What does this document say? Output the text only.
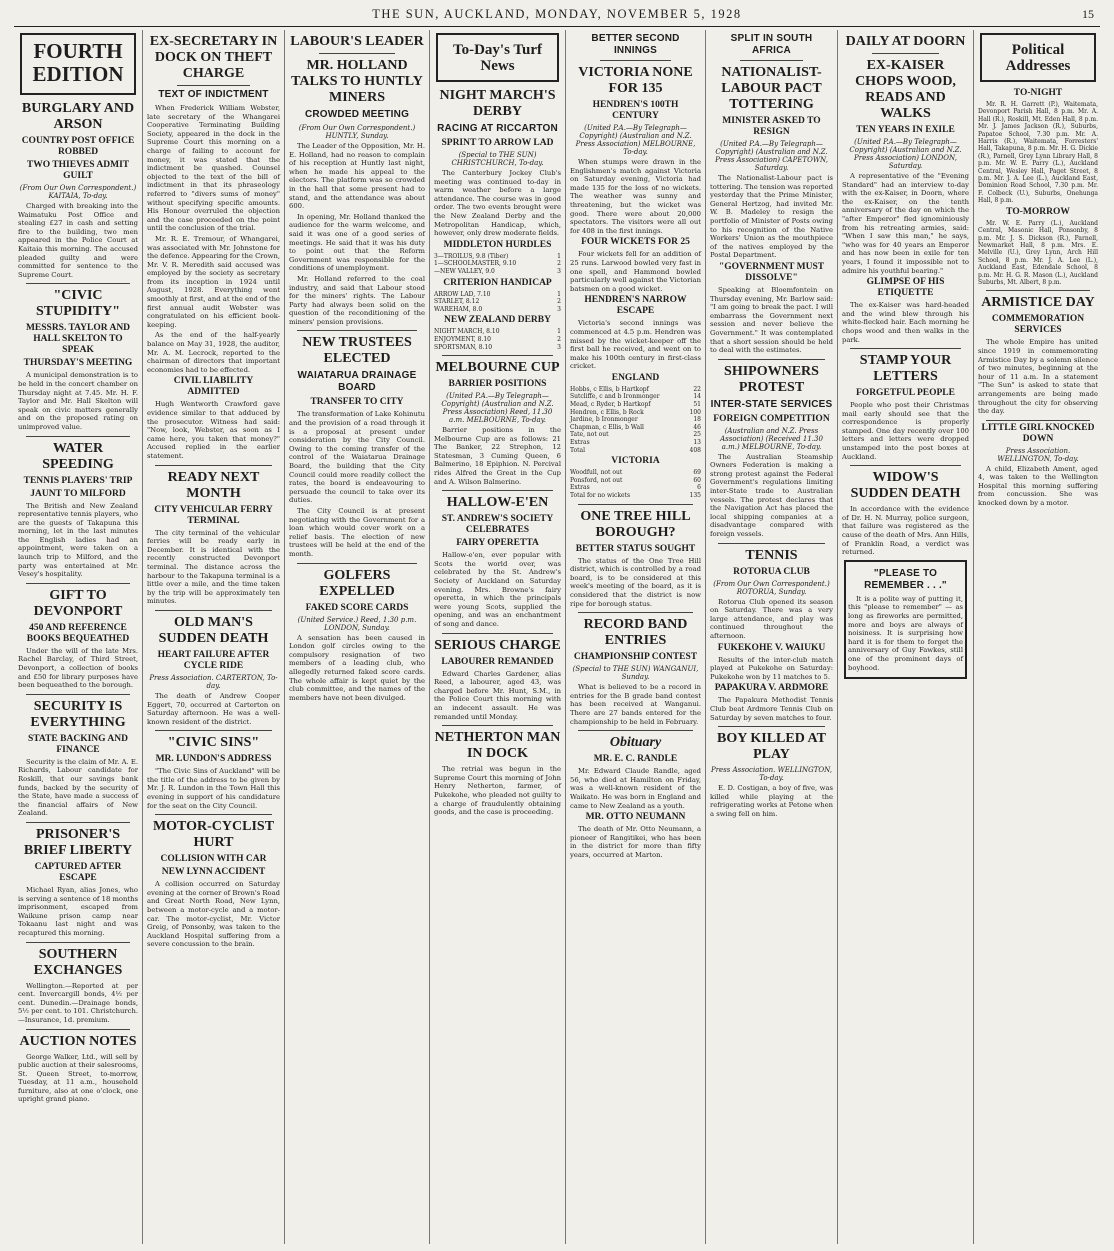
THE SUN, AUCKLAND, MONDAY, NOVEMBER 5, 1928	15
FOURTH EDITION
BURGLARY AND ARSON
COUNTRY POST OFFICE ROBBED
TWO THIEVES ADMIT GUILT
(From Our Own Correspondent.) KAITAIA, To-day.

Charged with breaking into the Waimatuku Post Office and stealing £27 in cash and setting fire to the building, two men appeared in the Police Court at Kaitaia this morning. The accused pleaded guilty and were committed for sentence to the Supreme Court.

"CIVIC STUPIDITY"
MESSRS. TAYLOR AND HALL SKELTON TO SPEAK
THURSDAY'S MEETING

A municipal demonstration is to be held in the concert chamber on Thursday night at 7.45. Mr. H. F. Taylor and Mr. Hall Skelton will speak on civic matters generally and on the proposed rating on unimproved value.

WATER SPEEDING
TENNIS PLAYERS' TRIP
JAUNT TO MILFORD

The British and New Zealand representative tennis players, who are the guests of Takapuna this morning, let in the last minutes the English ladies had an appointment, were taken on a launch trip to Milford, and the party was entertained at Mr. Vesey's hospitality.

GIFT TO DEVONPORT
450 AND REFERENCE BOOKS BEQUEATHED

Under the will of the late Mrs. Rachel Barclay, of Third Street, Devonport, a collection of books and £50 for library purposes have been bequeathed to the borough.

SECURITY IS EVERYTHING
STATE BACKING AND FINANCE

Security is the claim of Mr. A. E. Richards, Labour candidate for Roskill, that our savings bank funds, backed by the security of the State, have made a success of the financial affairs of New Zealand.

PRISONER'S BRIEF LIBERTY
CAPTURED AFTER ESCAPE

Michael Ryan, alias Jones, who is serving a sentence of 18 months imprisonment, escaped from Waikune prison camp near Tokaanu last night and was recaptured this morning.

SOUTHERN EXCHANGES

Wellington.—Reported at per cent. Invercargill bonds, 4½ per cent. Dunedin.—Drainage bonds, 5½ per cent. to 101. Christchurch.—Insurance, 1d. premium.

AUCTION NOTES

George Walker, Ltd., will sell by public auction at their salesrooms, St. Queen Street, to-morrow, Tuesday, at 11 a.m., household furniture, also at one o'clock, one upright grand piano.

EX-SECRETARY IN DOCK ON THEFT CHARGE
TEXT OF INDICTMENT

When Frederick William Webster, late secretary of the Whangarei Cooperative Terminating Building Society, appeared in the dock in the Supreme Court this morning on a charge of failing to account for money, it was stated that the indictment be quashed. Counsel objected to the text of the bill of indictment in that its phraseology referred to "divers sums of money" without specifying specific amounts. His Honour overruled the objection and the case proceeded on the point until the conclusion of the trial.

Mr. R. E. Tremour, of Whangarei, was associated with Mr. Johnstone for the defence. Appearing for the Crown, Mr. V. R. Meredith said accused was employed by the society as secretary from its inception in 1924 until August, 1928. Everything went smoothly at first, and at the end of the first annual audit Webster was congratulated on his efficient book-keeping.

As the end of the half-yearly balance on May 31, 1928, the auditor, Mr. A. M. Lecrock, reported to the chairman of directors that important economies had to be effected.

CIVIL LIABILITY ADMITTED

Hugh Wentworth Crawford gave evidence similar to that adduced by the prosecutor. Witness had said: "Now, look, Webster, as soon as I came here, you taken that money?" Accused replied in the earlier statement.

READY NEXT MONTH
CITY VEHICULAR FERRY TERMINAL

The city terminal of the vehicular ferries will be ready early in December. It is identical with the recently constructed Devonport terminal. The distance across the harbour to the Takapuna terminal is a little over a mile, and the time taken by the trip will be approximately ten minutes.

OLD MAN'S SUDDEN DEATH
HEART FAILURE AFTER CYCLE RIDE
Press Association. CARTERTON, To-day.

The death of Andrew Cooper Eggert, 70, occurred at Carterton on Saturday afternoon. He was a well-known resident of the district.

"CIVIC SINS"
MR. LUNDON'S ADDRESS

"The Civic Sins of Auckland" will be the title of the address to be given by Mr. J. R. Lundon in the Town Hall this evening in support of his candidature for the seat on the City Council.

MOTOR-CYCLIST HURT
COLLISION WITH CAR
NEW LYNN ACCIDENT

A collision occurred on Saturday evening at the corner of Brown's Road and Great North Road, New Lynn, between a motor-cycle and a motor-car. The motor-cyclist, Mr. Victor Greig, of Ponsonby, was taken to the Auckland Hospital suffering from a severe concussion to the brain.

LABOUR'S LEADER
MR. HOLLAND TALKS TO HUNTLY MINERS
CROWDED MEETING
(From Our Own Correspondent.) HUNTLY, Sunday.

The Leader of the Opposition, Mr. H. E. Holland, had no reason to complain of his reception at Huntly last night, when he made his appeal to the electors. The platform was so crowded in the hall that some present had to stand, and the attendance was about 600.

In opening, Mr. Holland thanked the audience for the warm welcome, and said it was one of a good series of meetings. He said that it was his duty to point out that the Reform Government was responsible for the conditions of unemployment.

Mr. Holland referred to the coal industry, and said that Labour stood for the miners' rights. The Labour Party had always been solid on the question of the reconditioning of the miners' pension provisions.

NEW TRUSTEES ELECTED
WAIATARUA DRAINAGE BOARD
TRANSFER TO CITY

The transformation of Lake Kohinutu and the provision of a road through it is a proposal at present under consideration by the City Council. Owing to the coming transfer of the control of the Waiatarua Drainage Board, the building that the City Council could more readily collect the rates, the board is endeavouring to persuade the council to take over its duties.

The City Council is at present negotiating with the Government for a loan which would cover work on a relief basis. The election of new trustees will be held at the end of the month.

GOLFERS EXPELLED
FAKED SCORE CARDS
(United Service.) Reed, 1.30 p.m. LONDON, Sunday.

A sensation has been caused in London golf circles owing to the compulsory resignation of two members of a leading club, who allegedly returned faked score cards. The whole affair is kept quiet by the club committee, and the names of the members have not been divulged.

To-Day's Turf News
NIGHT MARCH'S DERBY
RACING AT RICCARTON
SPRINT TO ARROW LAD
(Special to THE SUN) CHRISTCHURCH, To-day.

The Canterbury Jockey Club's meeting was continued to-day in warm weather before a large attendance. The course was in good order. The two events brought were the New Zealand Derby and the Metropolitan Handicap, which, however, only drew moderate fields.

MIDDLETON HURDLES
3—TROILUS, 9.8 (Tiber)	1
1—SCHOOLMASTER, 9.10	2
—NEW VALLEY, 9.0	3
CRITERION HANDICAP
ARROW LAD, 7.10	1
STARLET, 8.12	2
WAREHAM, 8.0	3
NEW ZEALAND DERBY
NIGHT MARCH, 8.10	1
ENJOYMENT, 8.10	2
SPORTSMAN, 8.10	3
MELBOURNE CUP
BARRIER POSITIONS
(United P.A.—By Telegraph—Copyright) (Australian and N.Z. Press Association) Reed, 11.30 a.m. MELBOURNE, To-day.

Barrier positions in the Melbourne Cup are as follows: 21 The Banker, 22 Strephon, 12 Statesman, 3 Cuming Queen, 6 Balmerino, 18 Epiphion. N. Percival rides Alfred the Great in the Cup and A. Wilson Balmerino.

HALLOW-E'EN
ST. ANDREW'S SOCIETY CELEBRATES
FAIRY OPERETTA

Hallow-e'en, ever popular with Scots the world over, was celebrated by the St. Andrew's Society of Auckland on Saturday evening. Mrs. Browne's fairy operetta, in which the principals were young Scots, supplied the opening, and was an enchantment of song and dance.

SERIOUS CHARGE
LABOURER REMANDED

Edward Charles Gardener, alias Reed, a labourer, aged 43, was charged before Mr. Hunt, S.M., in the Police Court this morning with an indecent assault. He was remanded until Monday.

NETHERTON MAN IN DOCK

The retrial was begun in the Supreme Court this morning of John Henry Netherton, farmer, of Pukekohe, who pleaded not guilty to a charge of fraudulently obtaining goods, and the case is proceeding.

BETTER SECOND INNINGS
VICTORIA NONE FOR 135
HENDREN'S 100TH CENTURY
(United P.A.—By Telegraph—Copyright) (Australian and N.Z. Press Association) MELBOURNE, To-day.

When stumps were drawn in the Englishmen's match against Victoria on Saturday evening, Victoria had made 135 for the loss of no wickets. The weather was sunny and threatening, but the wicket was good. There were about 20,000 spectators. The visitors were all out for 408 in the first innings.

FOUR WICKETS FOR 25

Four wickets fell for an addition of 25 runs. Larwood bowled very fast in one spell, and Hammond bowled particularly well against the Victorian batsmen on a good wicket.

HENDREN'S NARROW ESCAPE

Victoria's second innings was commenced at 4.5 p.m. Hendren was missed by the wicket-keeper off the first ball he received, and went on to make his 100th century in first-class cricket.

ENGLAND
Hobbs, c Ellis, b Hartkopf	22
Sutcliffe, c and b Ironmonger	14
Mead, c Ryder, b Hartkopf	51
Hendren, c Ellis, b Rock	100
Jardine, b Ironmonger	18
Chapman, c Ellis, b Wall	46
Tate, not out	25
Extras	13
Total	408
VICTORIA
Woodfull, not out	69
Ponsford, not out	60
Extras	6
Total for no wickets	135
ONE TREE HILL BOROUGH?
BETTER STATUS SOUGHT

The status of the One Tree Hill district, which is controlled by a road board, is to be considered at this week's meeting of the board, as it is considered that the district is now ripe for borough status.

RECORD BAND ENTRIES
CHAMPIONSHIP CONTEST
(Special to THE SUN) WANGANUI, Sunday.

What is believed to be a record in entries for the B grade band contest has been received at Wanganui. There are 27 bands entered for the championship to be held in February.

Obituary
MR. E. C. RANDLE

Mr. Edward Claude Randle, aged 56, who died at Hamilton on Friday, was a well-known resident of the Waikato. He was born in England and came to New Zealand as a youth.

MR. OTTO NEUMANN

The death of Mr. Otto Neumann, a pioneer of Rangitikei, who has been in the district for more than fifty years, occurred at Marton.

SPLIT IN SOUTH AFRICA
NATIONALIST-LABOUR PACT TOTTERING
MINISTER ASKED TO RESIGN
(United P.A.—By Telegraph—Copyright) (Australian and N.Z. Press Association) CAPETOWN, Saturday.

The Nationalist-Labour pact is tottering. The tension was reported yesterday that the Prime Minister, General Hertzog, had invited Mr. W. B. Madeley to resign the portfolio of Minister of Posts owing to his recognition of the Native Workers' Union as the mouthpiece of the natives employed by the Postal Department.

"GOVERNMENT MUST DISSOLVE"

Speaking at Bloemfontein on Thursday evening, Mr. Barlow said: "I am going to break the pact. I will embarrass the Government next session and never believe the Government." It was contemplated that a short session should be held to deal with the estimates.

SHIPOWNERS PROTEST
INTER-STATE SERVICES
FOREIGN COMPETITION
(Australian and N.Z. Press Association) (Received 11.30 a.m.) MELBOURNE, To-day.

The Australian Steamship Owners Federation is making a strong protest against the Federal Government's regulations limiting inter-State trade to Australian vessels. The protest declares that the Navigation Act has placed the local shipping companies at a disadvantage compared with foreign vessels.

TENNIS
ROTORUA CLUB
(From Our Own Correspondent.) ROTORUA, Sunday.

Rotorua Club opened its season on Saturday. There was a very large attendance, and play was continued throughout the afternoon.

FUKEKOHE V. WAIUKU

Results of the inter-club match played at Pukekohe on Saturday: Pukekohe won by 11 matches to 5.

PAPAKURA V. ARDMORE

The Papakura Methodist Tennis Club beat Ardmore Tennis Club on Saturday by seven matches to four.

BOY KILLED AT PLAY
Press Association. WELLINGTON, To-day.

E. D. Costigan, a boy of five, was killed while playing at the refrigerating works at Petone when a swing fell on him.

DAILY AT DOORN
EX-KAISER CHOPS WOOD, READS AND WALKS
TEN YEARS IN EXILE
(United P.A.—By Telegraph—Copyright) (Australian and N.Z. Press Association) LONDON, Saturday.

A representative of the "Evening Standard" had an interview to-day with the ex-Kaiser, in Doorn, where the ex-Kaiser, on the tenth anniversary of the day on which the "after Emperor" fled ignominiously from his retreating armies, said: "When I saw this man," he says, "who was for 40 years an Emperor and has now been in exile for ten years, I found it impossible not to admire his youthful bearing."

GLIMPSE OF HIS ETIQUETTE

The ex-Kaiser was hard-headed and the wind blew through his white-flecked hair. Each morning he chops wood and then walks in the park.

STAMP YOUR LETTERS
FORGETFUL PEOPLE

People who post their Christmas mail early should see that the correspondence is properly stamped. One day recently over 100 letters and letters were dropped unstamped into the post boxes at Auckland.

WIDOW'S SUDDEN DEATH

In accordance with the evidence of Dr. H. N. Murray, police surgeon, that failure was registered as the cause of the death of Mrs. Ann Hills, of Franklin Road, a verdict was returned.

"PLEASE TO REMEMBER . . ."

It is a polite way of putting it, this "please to remember" — as long as fireworks are permitted, more and boys are always of noisiness. It is surprising how hard it is for them to forget the anniversary of Guy Fawkes, still one of the prominent days of boyhood.

Political Addresses
TO-NIGHT

Mr. R. H. Garrett (P.), Waitemata, Devonport Parish Hall, 8 p.m. Mr. A. Hall (R.), Roskill, Mt. Eden Hall, 8 p.m. Mr. J. James Jackson (R.), Suburbs, Papatoe School, 7.30 p.m. Mr. A. Harris (R.), Waitemata, Forresters' Hall, Takapuna, 8 p.m. Mr. H. G. Dickie (R.), Parnell, Grey Lynn Library Hall, 8 p.m. Mr. W. E. Parry (L.), Auckland Central, Wesley Hall, Paget Street, 8 p.m. Mr. J. A. Lee (L.), Auckland East, Dominion Road School, 7.30 p.m. Mr. F. Colbeck (U.), Suburbs, Onehunga Hall, 8 p.m.

TO-MORROW

Mr. W. E. Parry (L.), Auckland Central, Masonic Hall, Ponsonby, 8 p.m. Mr. J. S. Dickson (R.), Parnell, Newmarket Hall, 8 p.m. Mrs. E. Melville (U.), Grey Lynn, Arch Hill School, 8 p.m. Mr. J. A. Lee (L.), Auckland East, Edendale School, 8 p.m. Mr. H. G. R. Mason (L.), Auckland Suburbs, Mt. Albert, 8 p.m.

ARMISTICE DAY
COMMEMORATION SERVICES

The whole Empire has united since 1919 in commemorating Armistice Day by a solemn silence of two minutes, beginning at the hour of 11 a.m. In a statement "The Sun" is asked to state that arrangements are being made throughout the city for observing the day.

LITTLE GIRL KNOCKED DOWN
Press Association. WELLINGTON, To-day.

A child, Elizabeth Ament, aged 4, was taken to the Wellington Hospital this morning suffering from concussion. She was knocked down by a motor.
